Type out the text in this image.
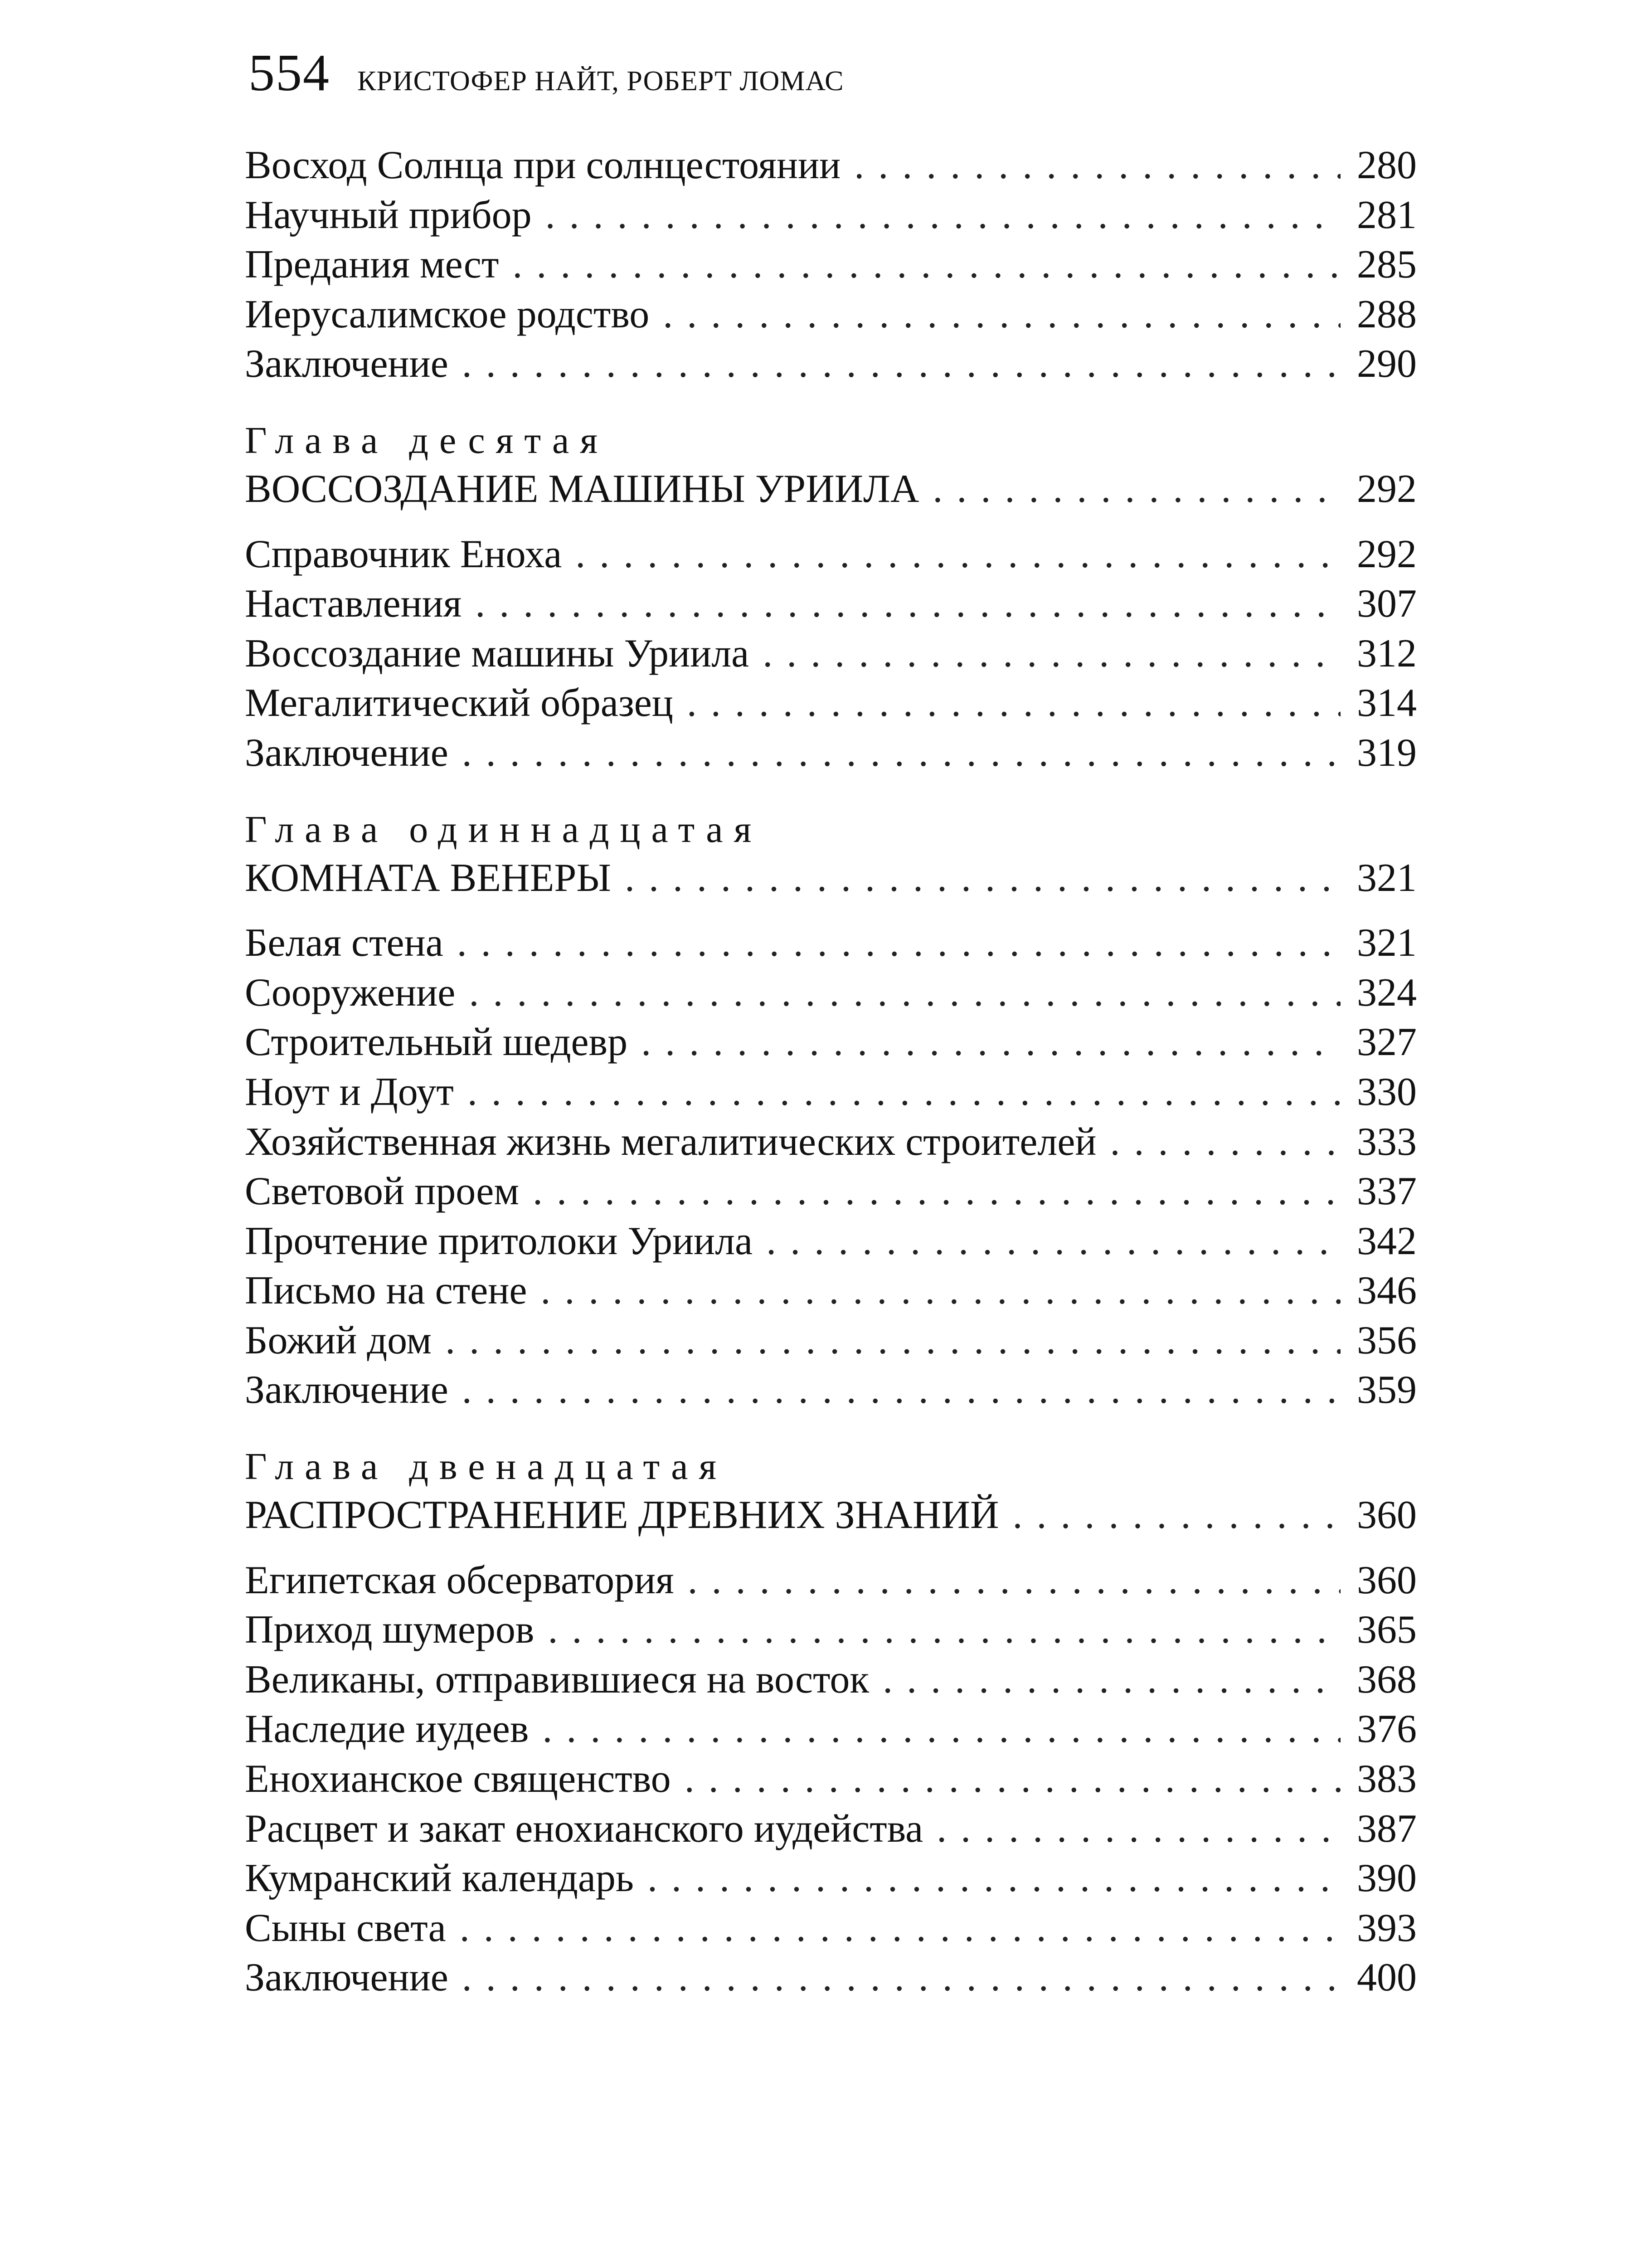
554 КРИСТОФЕР НАЙТ, РОБЕРТ ЛОМАС
Восход Солнца при солнцестоянии . . .	280
Научный прибор . . .	281
Предания мест . . .	285
Иерусалимское родство . . .	288
Заключение . . .	290
Глава десятая
ВОССОЗДАНИЕ МАШИНЫ УРИИЛА . . .	292
Справочник Еноха . . .	292
Наставления . . .	307
Воссоздание машины Уриила . . .	312
Мегалитический образец . . .	314
Заключение . . .	319
Глава одиннадцатая
КОМНАТА ВЕНЕРЫ . . .	321
Белая стена . . .	321
Сооружение . . .	324
Строительный шедевр . . .	327
Ноут и Доут . . .	330
Хозяйственная жизнь мегалитических строителей . . .	333
Световой проем . . .	337
Прочтение притолоки Уриила . . .	342
Письмо на стене . . .	346
Божий дом . . .	356
Заключение . . .	359
Глава двенадцатая
РАСПРОСТРАНЕНИЕ ДРЕВНИХ ЗНАНИЙ . . .	360
Египетская обсерватория . . .	360
Приход шумеров . . .	365
Великаны, отправившиеся на восток . . .	368
Наследие иудеев . . .	376
Енохианское священство . . .	383
Расцвет и закат енохианского иудейства . . .	387
Кумранский календарь . . .	390
Сыны света . . .	393
Заключение . . .	400
